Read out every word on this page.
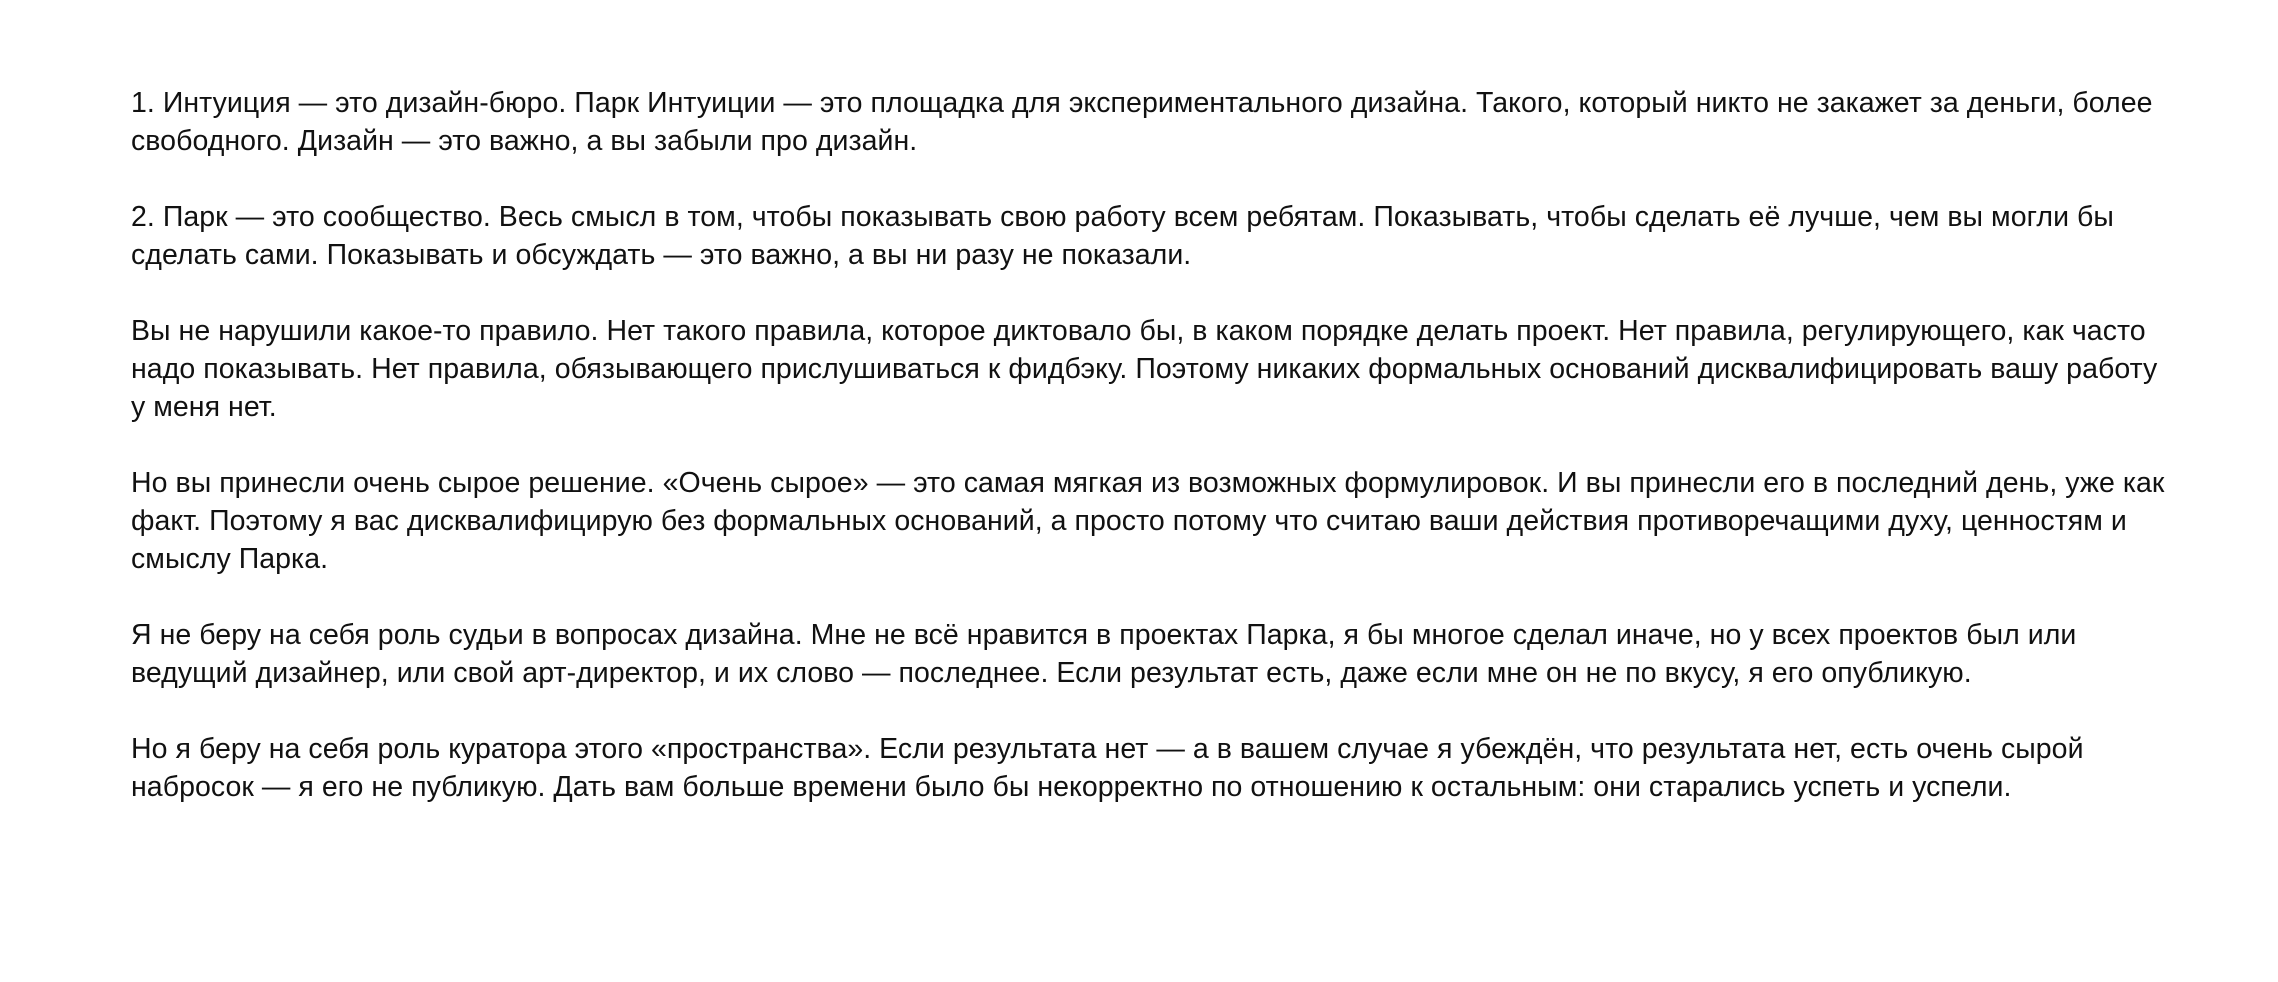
1. Интуиция — это дизайн-бюро. Парк Интуиции — это площадка для экспериментального дизайна. Такого, который никто не закажет за деньги, более свободного. Дизайн — это важно, а вы забыли про дизайн.

2. Парк — это сообщество. Весь смысл в том, чтобы показывать свою работу всем ребятам. Показывать, чтобы сделать её лучше, чем вы могли бы сделать сами. Показывать и обсуждать — это важно, а вы ни разу не показали.

Вы не нарушили какое-то правило. Нет такого правила, которое диктовало бы, в каком порядке делать проект. Нет правила, регулирующего, как часто надо показывать. Нет правила, обязывающего прислушиваться к фидбэку. Поэтому никаких формальных оснований дисквалифицировать вашу работу у меня нет.

Но вы принесли очень сырое решение. «Очень сырое» — это самая мягкая из возможных формулировок. И вы принесли его в последний день, уже как факт. Поэтому я вас дисквалифицирую без формальных оснований, а просто потому что считаю ваши действия противоречащими духу, ценностям и смыслу Парка.

Я не беру на себя роль судьи в вопросах дизайна. Мне не всё нравится в проектах Парка, я бы многое сделал иначе, но у всех проектов был или ведущий дизайнер, или свой арт-директор, и их слово — последнее. Если результат есть, даже если мне он не по вкусу, я его опубликую.

Но я беру на себя роль куратора этого «пространства». Если результата нет — а в вашем случае я убеждён, что результата нет, есть очень сырой набросок — я его не публикую. Дать вам больше времени было бы некорректно по отношению к остальным: они старались успеть и успели.
